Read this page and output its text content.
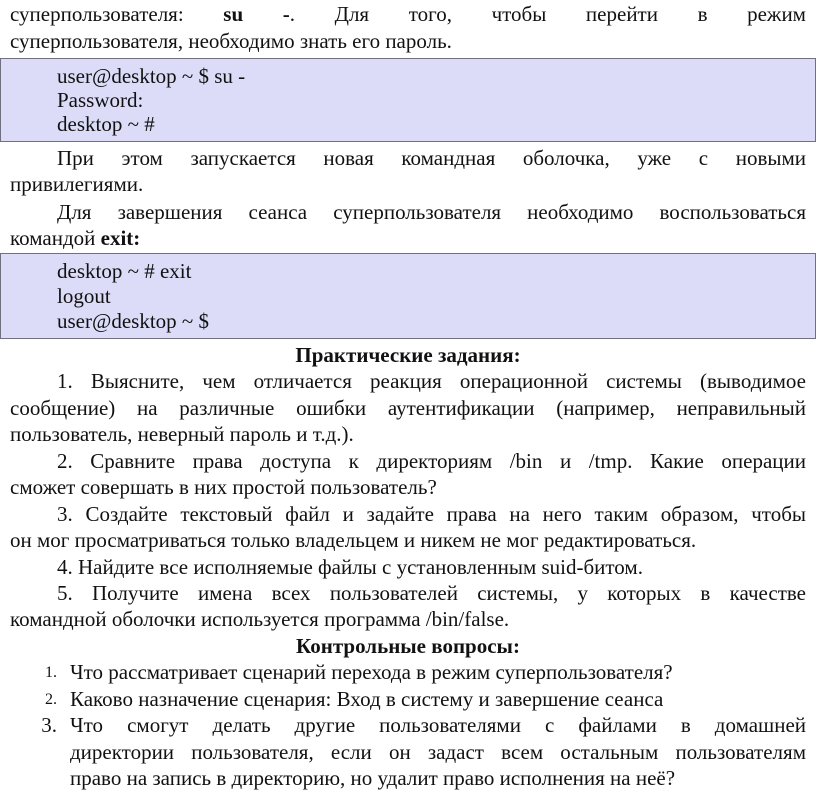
суперпользователя: su -. Для того, чтобы перейти в режим
суперпользователя, необходимо знать его пароль.
user@desktop ~ $ su -
Password:
desktop ~ #
При этом запускается новая командная оболочка, уже с новыми
привилегиями.
Для завершения сеанса суперпользователя необходимо воспользоваться
командой exit:
desktop ~ # exit
logout
user@desktop ~ $
Практические задания:
1. Выясните, чем отличается реакция операционной системы (выводимое
сообщение) на различные ошибки аутентификации (например, неправильный
пользователь, неверный пароль и т.д.).
2. Сравните права доступа к директориям /bin и /tmp. Какие операции
сможет совершать в них простой пользователь?
3. Создайте текстовый файл и задайте права на него таким образом, чтобы
он мог просматриваться только владельцем и никем не мог редактироваться.
4. Найдите все исполняемые файлы с установленным suid-битом.
5. Получите имена всех пользователей системы, у которых в качестве
командной оболочки используется программа /bin/false.
Контрольные вопросы:
1. Что рассматривает сценарий перехода в режим суперпользователя?
2. Каково назначение сценария: Вход в систему и завершение сеанса
3. Что смогут делать другие пользователями с файлами в домашней
директории пользователя, если он задаст всем остальным пользователям
право на запись в директорию, но удалит право исполнения на неё?
